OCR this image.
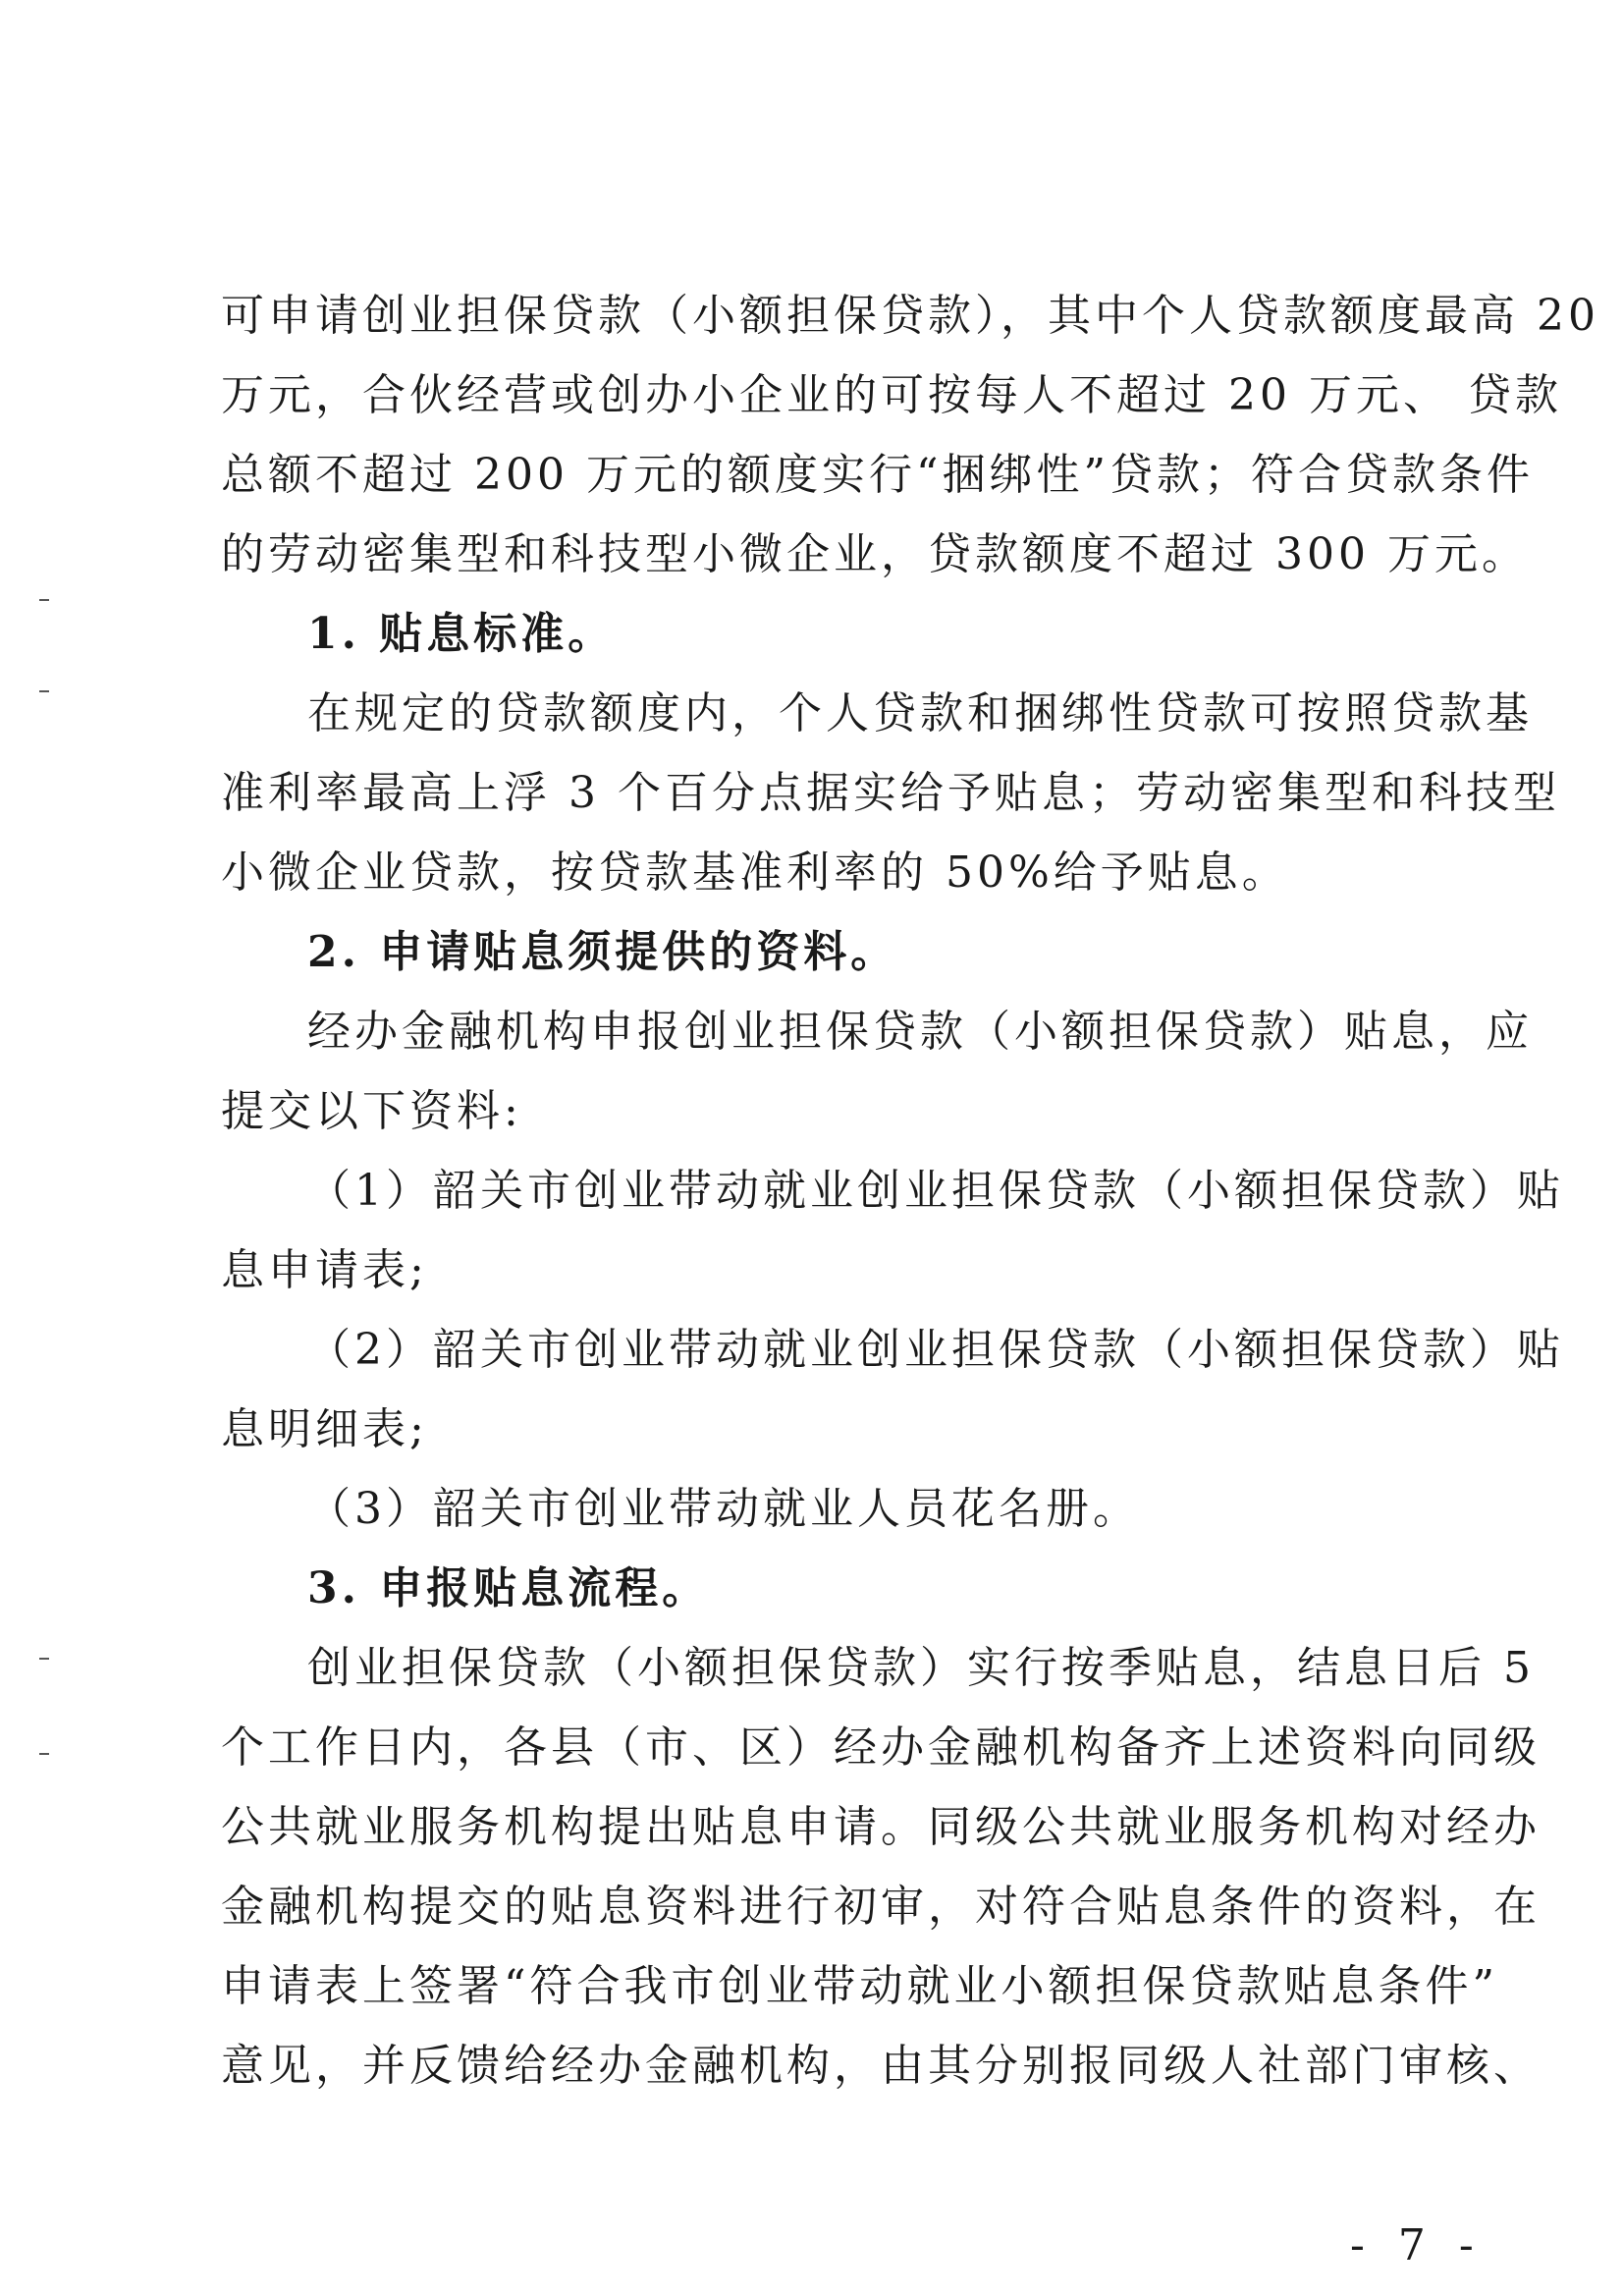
可申请创业担保贷款（小额担保贷款），其中个人贷款额度最高 20
万元，合伙经营或创办小企业的可按每人不超过 20 万元、 贷款
总额不超过 200 万元的额度实行“捆绑性”贷款；符合贷款条件
的劳动密集型和科技型小微企业，贷款额度不超过 300 万元。
1. 贴息标准。
在规定的贷款额度内，个人贷款和捆绑性贷款可按照贷款基
准利率最高上浮 3 个百分点据实给予贴息；劳动密集型和科技型
小微企业贷款，按贷款基准利率的 50%给予贴息。
2. 申请贴息须提供的资料。
经办金融机构申报创业担保贷款（小额担保贷款）贴息，应
提交以下资料:
（1）韶关市创业带动就业创业担保贷款（小额担保贷款）贴
息申请表;
（2）韶关市创业带动就业创业担保贷款（小额担保贷款）贴
息明细表;
（3）韶关市创业带动就业人员花名册。
3. 申报贴息流程。
创业担保贷款（小额担保贷款）实行按季贴息，结息日后 5
个工作日内，各县（市、区）经办金融机构备齐上述资料向同级
公共就业服务机构提出贴息申请。同级公共就业服务机构对经办
金融机构提交的贴息资料进行初审，对符合贴息条件的资料，在
申请表上签署“符合我市创业带动就业小额担保贷款贴息条件”
意见，并反馈给经办金融机构，由其分别报同级人社部门审核、
- 7 -
